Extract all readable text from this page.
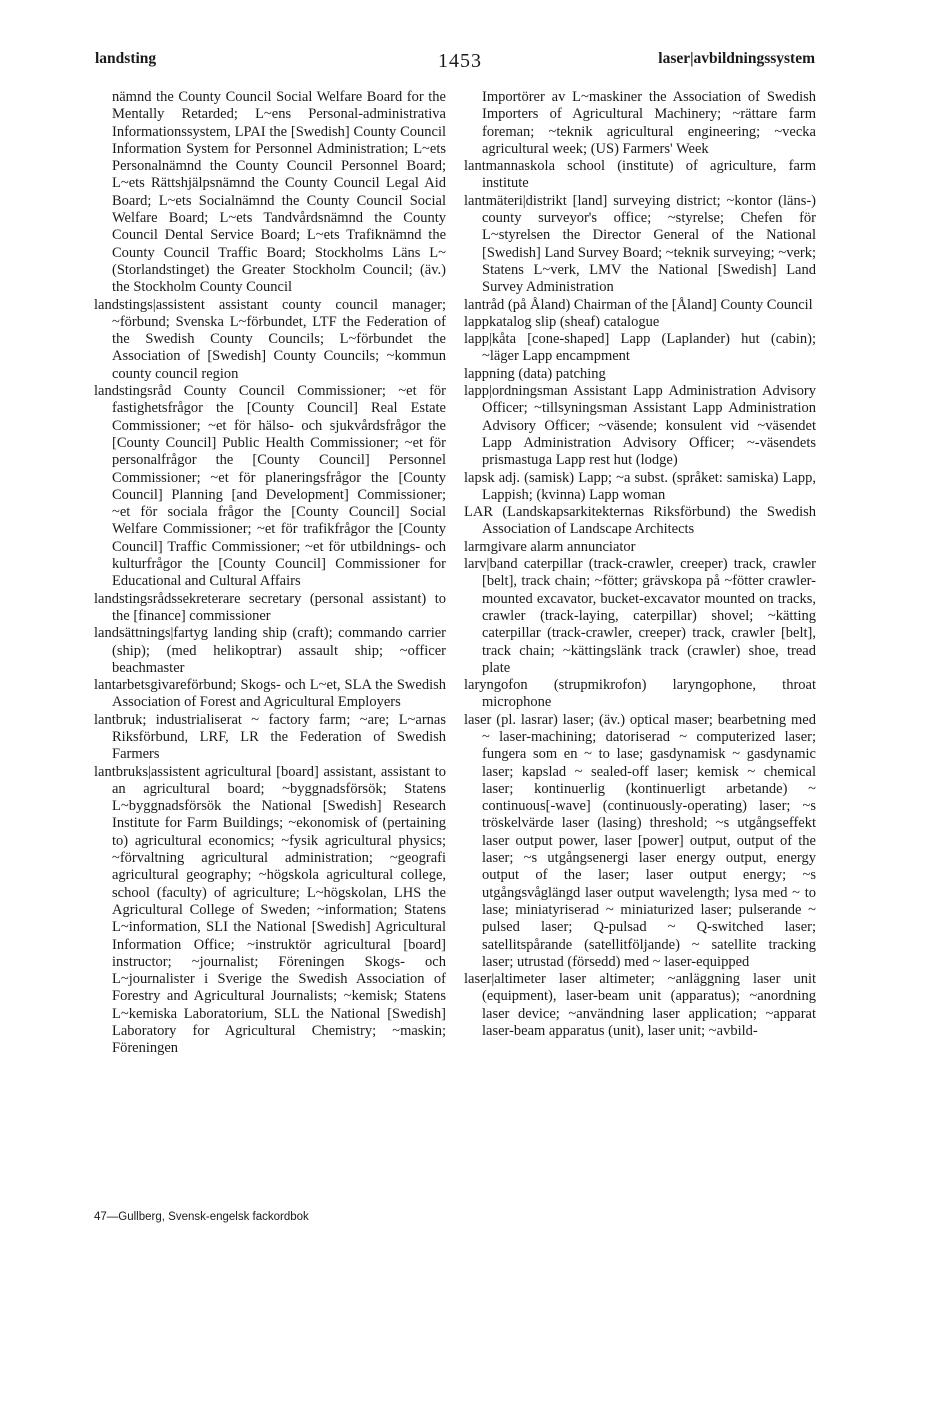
landsting	1453	laser|avbildningssystem

nämnd the County Council Social Welfare Board for the Mentally Retarded; L~ens Personal-administrativa Informationssystem, LPAI the [Swedish] County Council Information System for Personnel Administration; L~ets Personalnämnd the County Council Personnel Board; L~ets Rättshjälpsnämnd the County Council Legal Aid Board; L~ets Socialnämnd the County Council Social Welfare Board; L~ets Tandvårdsnämnd the County Council Dental Service Board; L~ets Trafiknämnd the County Council Traffic Board; Stockholms Läns L~ (Storlandstinget) the Greater Stockholm Council; (äv.) the Stockholm County Council

landstings|assistent assistant county council manager; ~förbund; Svenska L~förbundet, LTF the Federation of the Swedish County Councils; L~förbundet the Association of [Swedish] County Councils; ~kommun county council region

landstingsråd County Council Commissioner; ~et för fastighetsfrågor the [County Council] Real Estate Commissioner; ~et för hälso- och sjukvårdsfrågor the [County Council] Public Health Commissioner; ~et för personalfrågor the [County Council] Personnel Commissioner; ~et för planeringsfrågor the [County Council] Planning [and Development] Commissioner; ~et för sociala frågor the [County Council] Social Welfare Commissioner; ~et för trafikfrågor the [County Council] Traffic Commissioner; ~et för utbildnings- och kulturfrågor the [County Council] Commissioner for Educational and Cultural Affairs

landstingsrådssekreterare secretary (personal assistant) to the [finance] commissioner

landsättnings|fartyg landing ship (craft); commando carrier (ship); (med helikoptrar) assault ship; ~officer beachmaster

lantarbetsgivareförbund; Skogs- och L~et, SLA the Swedish Association of Forest and Agricultural Employers

lantbruk; industrialiserat ~ factory farm; ~are; L~arnas Riksförbund, LRF, LR the Federation of Swedish Farmers

lantbruks|assistent agricultural [board] assistant, assistant to an agricultural board; ~byggnadsförsök; Statens L~byggnadsförsök the National [Swedish] Research Institute for Farm Buildings; ~ekonomisk of (pertaining to) agricultural economics; ~fysik agricultural physics; ~förvaltning agricultural administration; ~geografi agricultural geography; ~högskola agricultural college, school (faculty) of agriculture; L~högskolan, LHS the Agricultural College of Sweden; ~information; Statens L~information, SLI the National [Swedish] Agricultural Information Office; ~instruktör agricultural [board] instructor; ~journalist; Föreningen Skogs- och L~journalister i Sverige the Swedish Association of Forestry and Agricultural Journalists; ~kemisk; Statens L~kemiska Laboratorium, SLL the National [Swedish] Laboratory for Agricultural Chemistry; ~maskin; Föreningen

Importörer av L~maskiner the Association of Swedish Importers of Agricultural Machinery; ~rättare farm foreman; ~teknik agricultural engineering; ~vecka agricultural week; (US) Farmers' Week

lantmannaskola school (institute) of agriculture, farm institute

lantmäteri|distrikt [land] surveying district; ~kontor (läns-) county surveyor's office; ~styrelse; Chefen för L~styrelsen the Director General of the National [Swedish] Land Survey Board; ~teknik surveying; ~verk; Statens L~verk, LMV the National [Swedish] Land Survey Administration

lantråd (på Åland) Chairman of the [Åland] County Council

lappkatalog slip (sheaf) catalogue

lapp|kåta [cone-shaped] Lapp (Laplander) hut (cabin); ~läger Lapp encampment

lappning (data) patching

lapp|ordningsman Assistant Lapp Administration Advisory Officer; ~tillsyningsman Assistant Lapp Administration Advisory Officer; ~väsende; konsulent vid ~väsendet Lapp Administration Advisory Officer; ~-väsendets prismastuga Lapp rest hut (lodge)

lapsk adj. (samisk) Lapp; ~a subst. (språket: samiska) Lapp, Lappish; (kvinna) Lapp woman

LAR (Landskapsarkitekternas Riksförbund) the Swedish Association of Landscape Architects

larmgivare alarm annunciator

larv|band caterpillar (track-crawler, creeper) track, crawler [belt], track chain; ~fötter; grävskopa på ~fötter crawler-mounted excavator, bucket-excavator mounted on tracks, crawler (track-laying, caterpillar) shovel; ~kätting caterpillar (track-crawler, creeper) track, crawler [belt], track chain; ~kättingslänk track (crawler) shoe, tread plate

laryngofon (strupmikrofon) laryngophone, throat microphone

laser (pl. lasrar) laser; (äv.) optical maser; bearbetning med ~ laser-machining; datoriserad ~ computerized laser; fungera som en ~ to lase; gasdynamisk ~ gasdynamic laser; kapslad ~ sealed-off laser; kemisk ~ chemical laser; kontinuerlig (kontinuerligt arbetande) ~ continuous[-wave] (continuously-operating) laser; ~s tröskelvärde laser (lasing) threshold; ~s utgångseffekt laser output power, laser [power] output, output of the laser; ~s utgångsenergi laser energy output, energy output of the laser; laser output energy; ~s utgångsvåglängd laser output wavelength; lysa med ~ to lase; miniatyriserad ~ miniaturized laser; pulserande ~ pulsed laser; Q-pulsad ~ Q-switched laser; satellitspårande (satellitföljande) ~ satellite tracking laser; utrustad (försedd) med ~ laser-equipped

laser|altimeter laser altimeter; ~anläggning laser unit (equipment), laser-beam unit (apparatus); ~anordning laser device; ~användning laser application; ~apparat laser-beam apparatus (unit), laser unit; ~avbild-

47—Gullberg, Svensk-engelsk fackordbok
